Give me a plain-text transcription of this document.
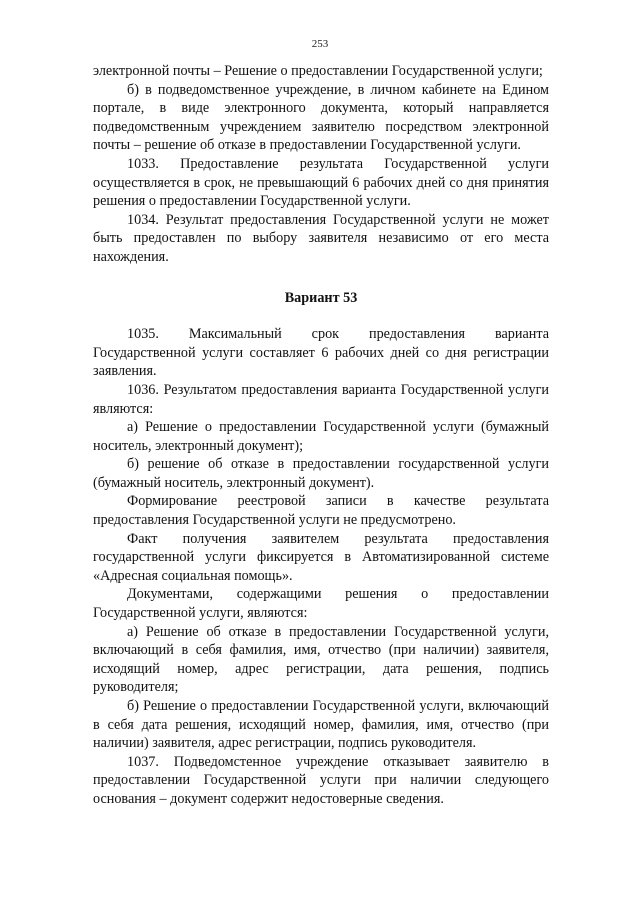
253

электронной почты – Решение о предоставлении Государственной услуги;

б) в подведомственное учреждение, в личном кабинете на Едином портале, в виде электронного документа, который направляется подведомственным учреждением заявителю посредством электронной почты – решение об отказе в предоставлении Государственной услуги.

1033. Предоставление результата Государственной услуги осуществляется в срок, не превышающий 6 рабочих дней со дня принятия решения о предоставлении Государственной услуги.

1034. Результат предоставления Государственной услуги не может быть предоставлен по выбору заявителя независимо от его места нахождения.

Вариант 53

1035. Максимальный срок предоставления варианта Государственной услуги составляет 6 рабочих дней со дня регистрации заявления.

1036. Результатом предоставления варианта Государственной услуги являются:

а) Решение о предоставлении Государственной услуги (бумажный носитель, электронный документ);

б) решение об отказе в предоставлении государственной услуги (бумажный носитель, электронный документ).

Формирование реестровой записи в качестве результата предоставления Государственной услуги не предусмотрено.

Факт получения заявителем результата предоставления государственной услуги фиксируется в Автоматизированной системе «Адресная социальная помощь».

Документами, содержащими решения о предоставлении Государственной услуги, являются:

а) Решение об отказе в предоставлении Государственной услуги, включающий в себя фамилия, имя, отчество (при наличии) заявителя, исходящий номер, адрес регистрации, дата решения, подпись руководителя;

б) Решение о предоставлении Государственной услуги, включающий в себя дата решения, исходящий номер, фамилия, имя, отчество (при наличии) заявителя, адрес регистрации, подпись руководителя.

1037. Подведомстенное учреждение отказывает заявителю в предоставлении Государственной услуги при наличии следующего основания – документ содержит недостоверные сведения.
